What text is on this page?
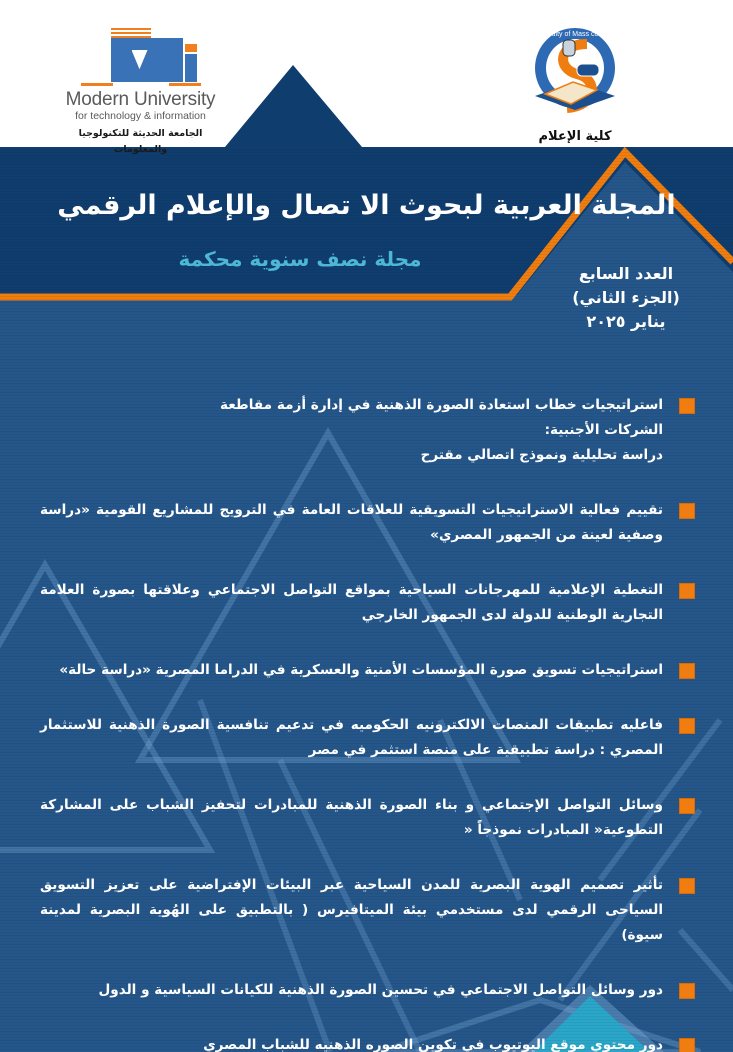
Modern University
for technology & information
الجامعة الحديثة للتكنولوجيا والمعلومات
Faculty of Mass comm
كلية الإعلام
المجلة العربية لبحوث الا تصال والإعلام الرقمي
مجلة نصف سنوية محكمة
العدد السابع
(الجزء الثاني)
يناير ٢٠٢٥
استراتيجيات خطاب استعادة الصورة الذهنية في إدارة أزمة مقاطعة الشركات الأجنبية:
دراسة تحليلية ونموذج اتصالي مقترح
تقييم فعالية الاستراتيجيات التسويقية للعلاقات العامة في الترويج للمشاريع القومية «دراسة وصفية لعينة من الجمهور المصري»
التغطية الإعلامية للمهرجانات السياحية بمواقع التواصل الاجتماعي وعلاقتها بصورة العلامة التجارية الوطنية للدولة لدى الجمهور الخارجي
استراتيجيات تسويق صورة المؤسسات الأمنية والعسكرية في الدراما المصرية «دراسة حالة»
فاعليه تطبيقات المنصات الالكترونيه الحكوميه في تدعيم تنافسية الصورة الذهنية للاستثمار المصري : دراسة تطبيقية على منصة استثمر في مصر
وسائل التواصل الإجتماعي و بناء الصورة الذهنية للمبادرات لتحفيز الشباب على المشاركة التطوعية« المبادرات نموذجاً «
تأثير تصميم الهوية البصرية للمدن السياحية عبر البيئات الإفتراضية على تعزيز التسويق السياحى الرقمي لدى مستخدمي بيئة الميتافيرس ( بالتطبيق على الهُوية البصرية لمدينة سيوة)
دور وسائل التواصل الاجتماعي في تحسين الصورة الذهنية للكيانات السياسية و الدول
دور محتوي موقع اليوتيوب في تكوين الصوره الذهنيه للشباب المصري
